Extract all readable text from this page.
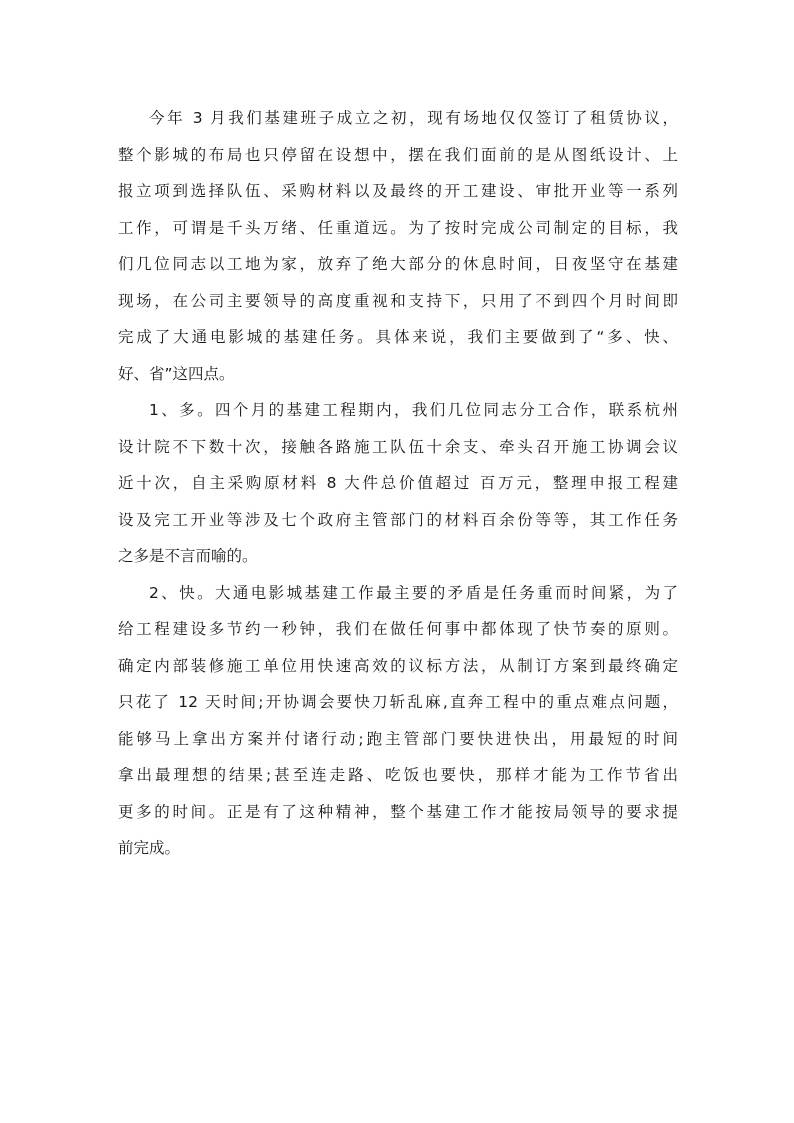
今年 3 月我们基建班子成立之初，现有场地仅仅签订了租赁协议，
整个影城的布局也只停留在设想中，摆在我们面前的是从图纸设计、上
报立项到选择队伍、采购材料以及最终的开工建设、审批开业等一系列
工作，可谓是千头万绪、任重道远。为了按时完成公司制定的目标，我
们几位同志以工地为家，放弃了绝大部分的休息时间，日夜坚守在基建
现场，在公司主要领导的高度重视和支持下，只用了不到四个月时间即
完成了大通电影城的基建任务。具体来说，我们主要做到了“多、快、
好、省”这四点。
1、多。四个月的基建工程期内，我们几位同志分工合作，联系杭州
设计院不下数十次，接触各路施工队伍十余支、牵头召开施工协调会议
近十次，自主采购原材料 8 大件总价值超过 百万元，整理申报工程建
设及完工开业等涉及七个政府主管部门的材料百余份等等，其工作任务
之多是不言而喻的。
2、快。大通电影城基建工作最主要的矛盾是任务重而时间紧，为了
给工程建设多节约一秒钟，我们在做任何事中都体现了快节奏的原则。
确定内部装修施工单位用快速高效的议标方法，从制订方案到最终确定
只花了 12 天时间;开协调会要快刀斩乱麻,直奔工程中的重点难点问题，
能够马上拿出方案并付诸行动;跑主管部门要快进快出，用最短的时间
拿出最理想的结果;甚至连走路、吃饭也要快，那样才能为工作节省出
更多的时间。正是有了这种精神，整个基建工作才能按局领导的要求提
前完成。
